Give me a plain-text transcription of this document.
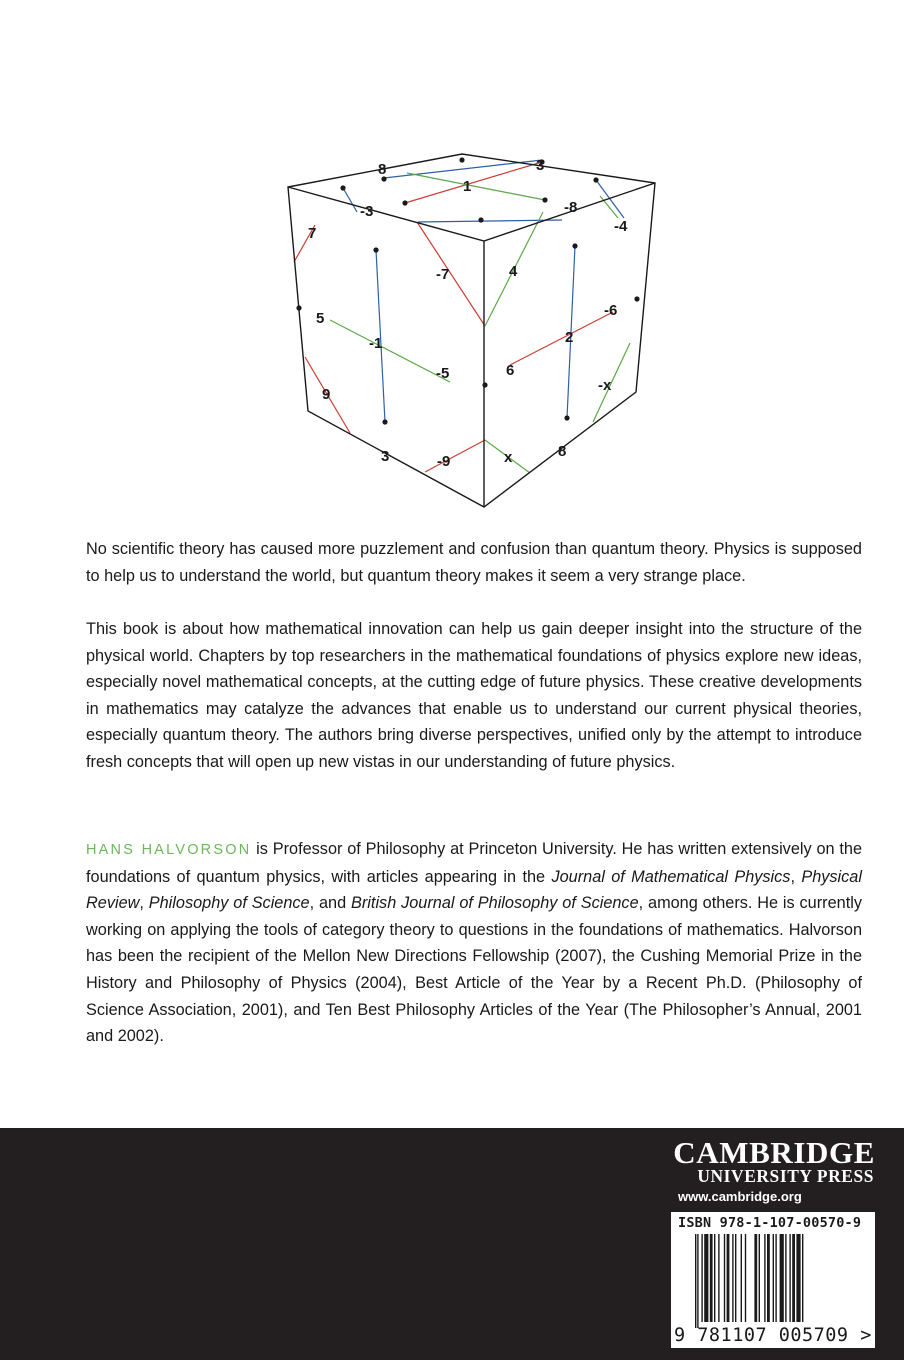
8	3
1
-3	-8
7	-4
-7	4
5	-6
-1	2
-5	6
-x
9
8
3	-9	x

No scientific theory has caused more puzzlement and confusion than quantum theory. Physics is supposed to help us to understand the world, but quantum theory makes it seem a very strange place.

This book is about how mathematical innovation can help us gain deeper insight into the structure of the physical world. Chapters by top researchers in the mathematical foundations of physics explore new ideas, especially novel mathematical concepts, at the cutting edge of future physics. These creative developments in mathematics may catalyze the advances that enable us to understand our current physical theories, especially quantum theory. The authors bring diverse perspectives, unified only by the attempt to introduce fresh concepts that will open up new vistas in our understanding of future physics.

HANS HALVORSON is Professor of Philosophy at Princeton University. He has written extensively on the foundations of quantum physics, with articles appearing in the Journal of Mathematical Physics, Physical Review, Philosophy of Science, and British Journal of Philosophy of Science, among others. He is currently working on applying the tools of category theory to questions in the foundations of mathematics. Halvorson has been the recipient of the Mellon New Directions Fellowship (2007), the Cushing Memorial Prize in the History and Philosophy of Physics (2004), Best Article of the Year by a Recent Ph.D. (Philosophy of Science Association, 2001), and Ten Best Philosophy Articles of the Year (The Philosopher’s Annual, 2001 and 2002).

CAMBRIDGE
UNIVERSITY PRESS
www.cambridge.org
ISBN 978-1-107-00570-9
9 781107 005709 >
